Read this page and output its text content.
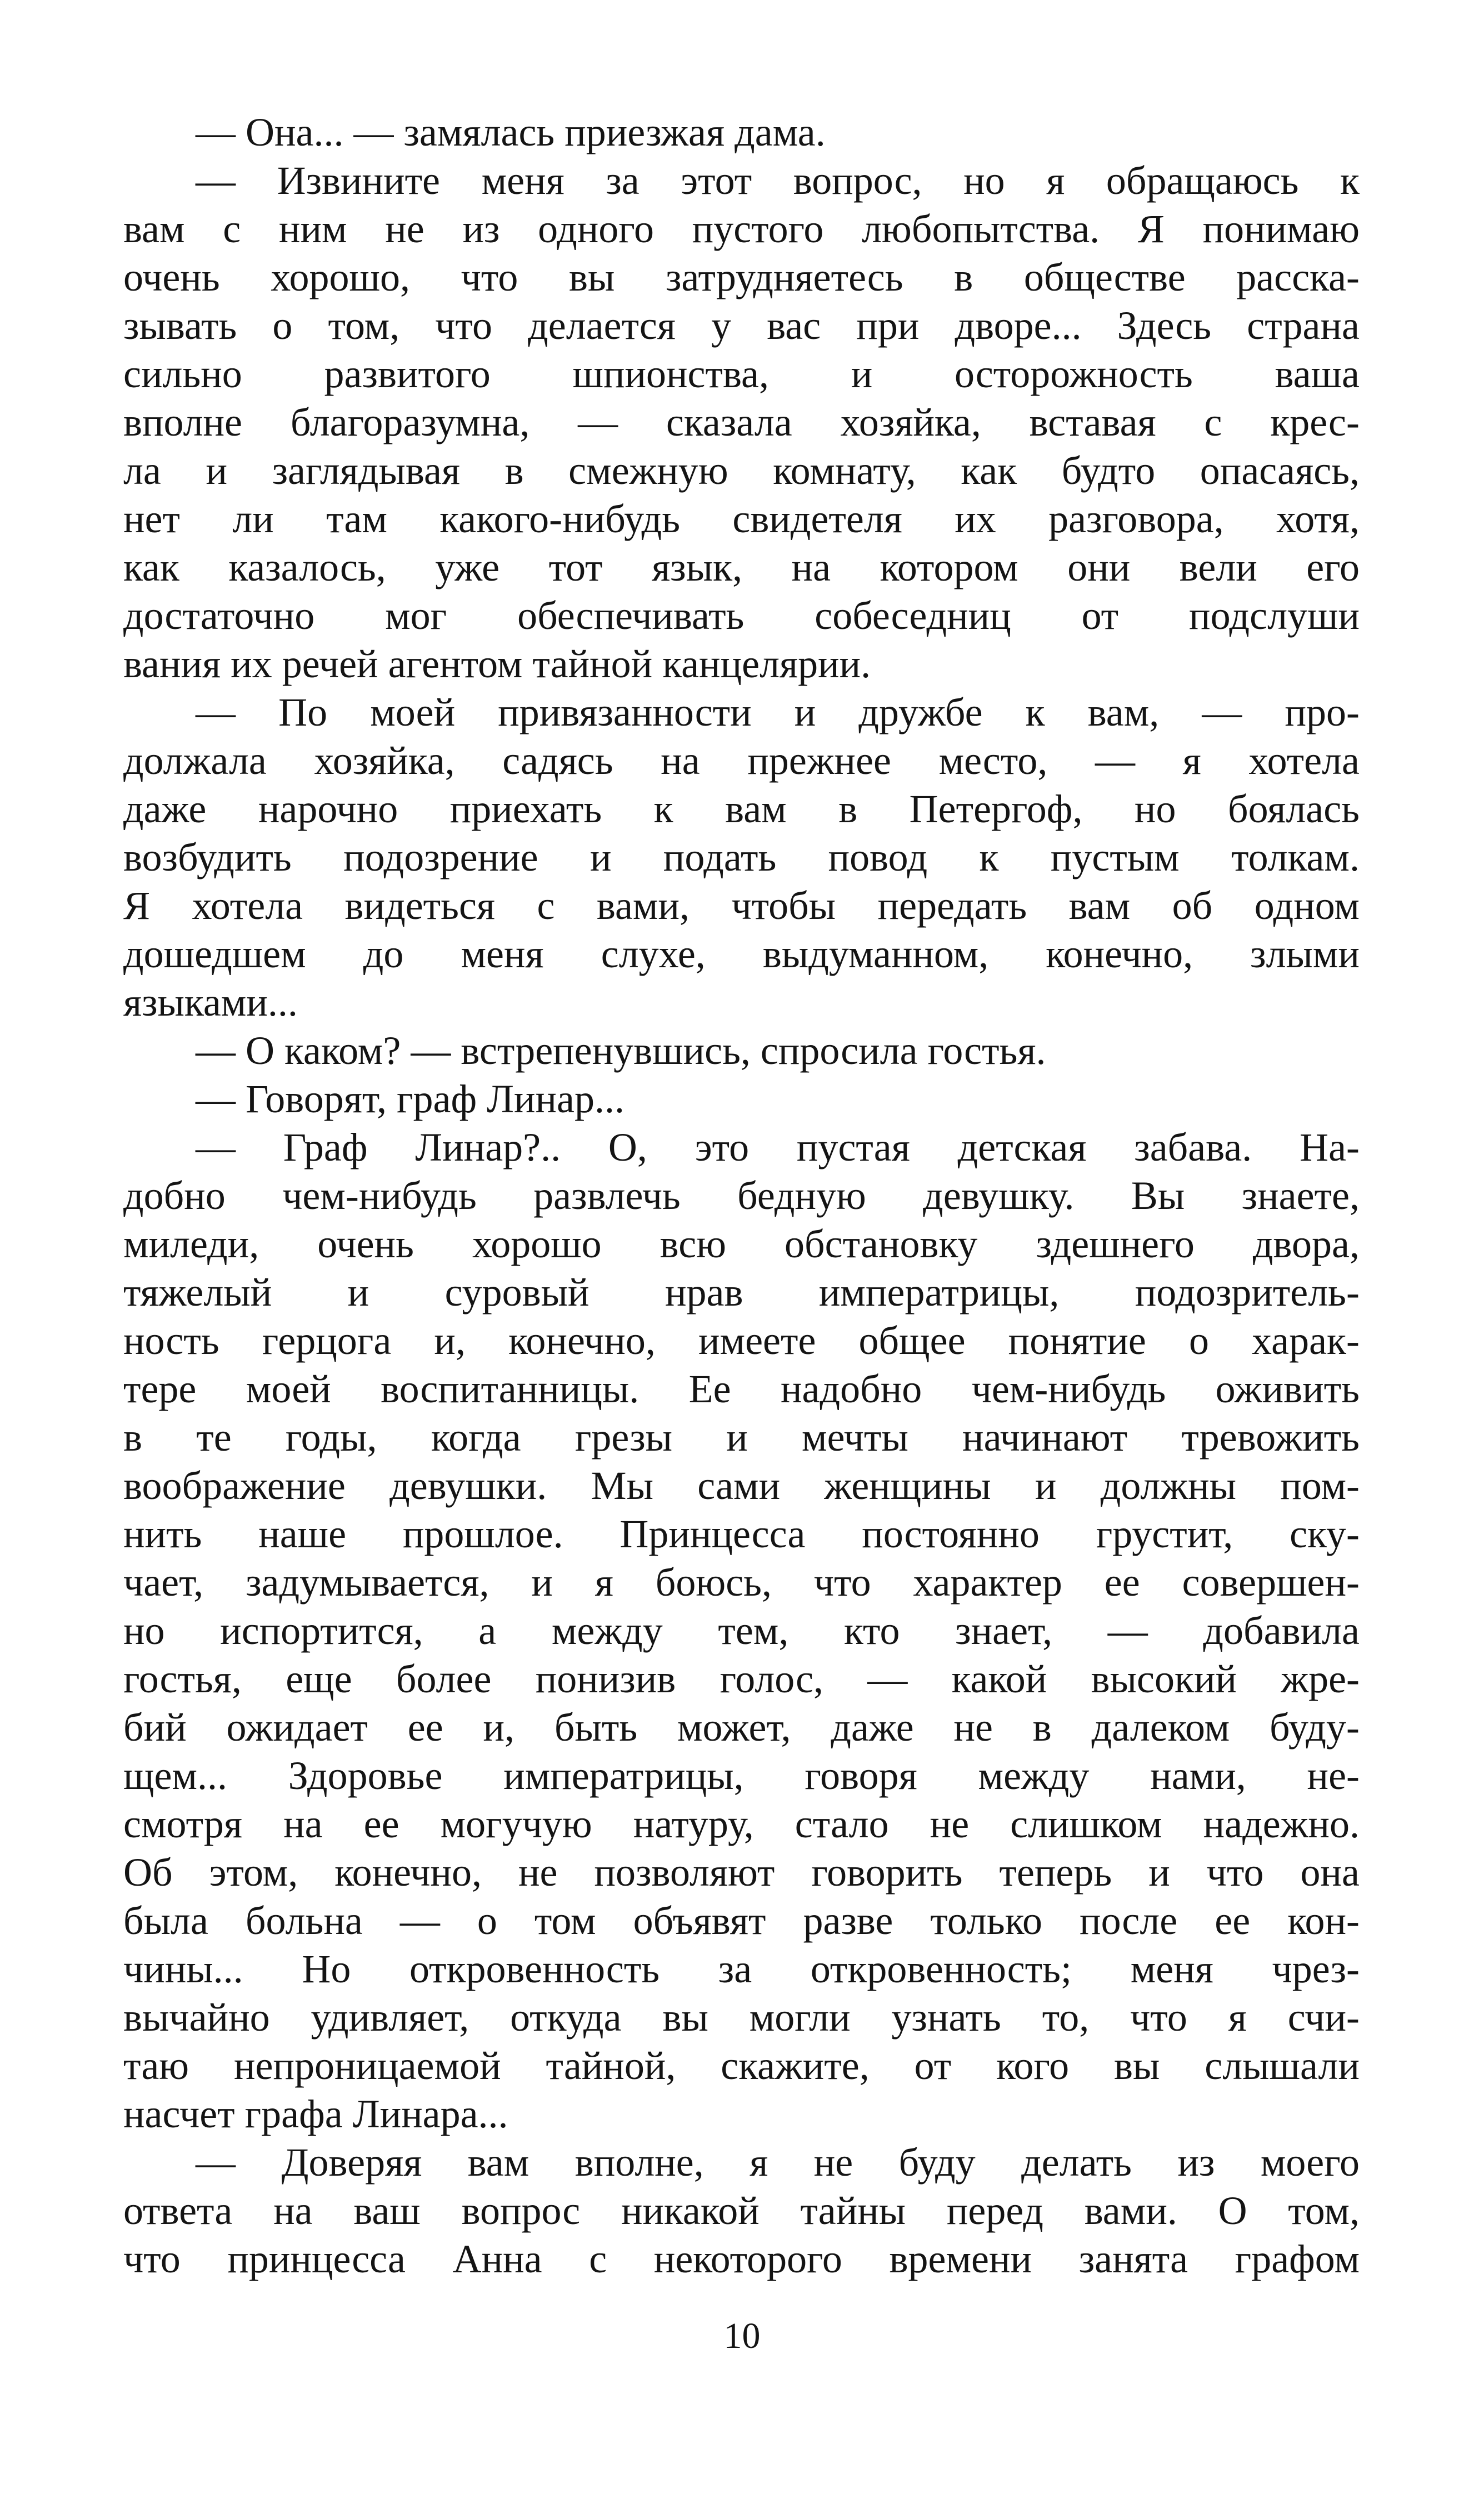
— Она... — замялась приезжая дама.
— Извините меня за этот вопрос, но я обращаюсь к
вам с ним не из одного пустого любопытства. Я понимаю
очень хорошо, что вы затрудняетесь в обществе расска-
зывать о том, что делается у вас при дворе... Здесь страна
сильно развитого шпионства, и осторожность ваша
вполне благоразумна, — сказала хозяйка, вставая с крес-
ла и заглядывая в смежную комнату, как будто опасаясь,
нет ли там какого-нибудь свидетеля их разговора, хотя,
как казалось, уже тот язык, на котором они вели его
достаточно мог обеспечивать собеседниц от подслуши
вания их речей агентом тайной канцелярии.
— По моей привязанности и дружбе к вам, — про-
должала хозяйка, садясь на прежнее место, — я хотела
даже нарочно приехать к вам в Петергоф, но боялась
возбудить подозрение и подать повод к пустым толкам.
Я хотела видеться с вами, чтобы передать вам об одном
дошедшем до меня слухе, выдуманном, конечно, злыми
языками...
— О каком? — встрепенувшись, спросила гостья.
— Говорят, граф Линар...
— Граф Линар?.. О, это пустая детская забава. На-
добно чем-нибудь развлечь бедную девушку. Вы знаете,
миледи, очень хорошо всю обстановку здешнего двора,
тяжелый и суровый нрав императрицы, подозритель-
ность герцога и, конечно, имеете общее понятие о харак-
тере моей воспитанницы. Ее надобно чем-нибудь оживить
в те годы, когда грезы и мечты начинают тревожить
воображение девушки. Мы сами женщины и должны пом-
нить наше прошлое. Принцесса постоянно грустит, ску-
чает, задумывается, и я боюсь, что характер ее совершен-
но испортится, а между тем, кто знает, — добавила
гостья, еще более понизив голос, — какой высокий жре-
бий ожидает ее и, быть может, даже не в далеком буду-
щем... Здоровье императрицы, говоря между нами, не-
смотря на ее могучую натуру, стало не слишком надежно.
Об этом, конечно, не позволяют говорить теперь и что она
была больна — о том объявят разве только после ее кон-
чины... Но откровенность за откровенность; меня чрез-
вычайно удивляет, откуда вы могли узнать то, что я счи-
таю непроницаемой тайной, скажите, от кого вы слышали
насчет графа Линара...
— Доверяя вам вполне, я не буду делать из моего
ответа на ваш вопрос никакой тайны перед вами. О том,
что принцесса Анна с некоторого времени занята графом
10
